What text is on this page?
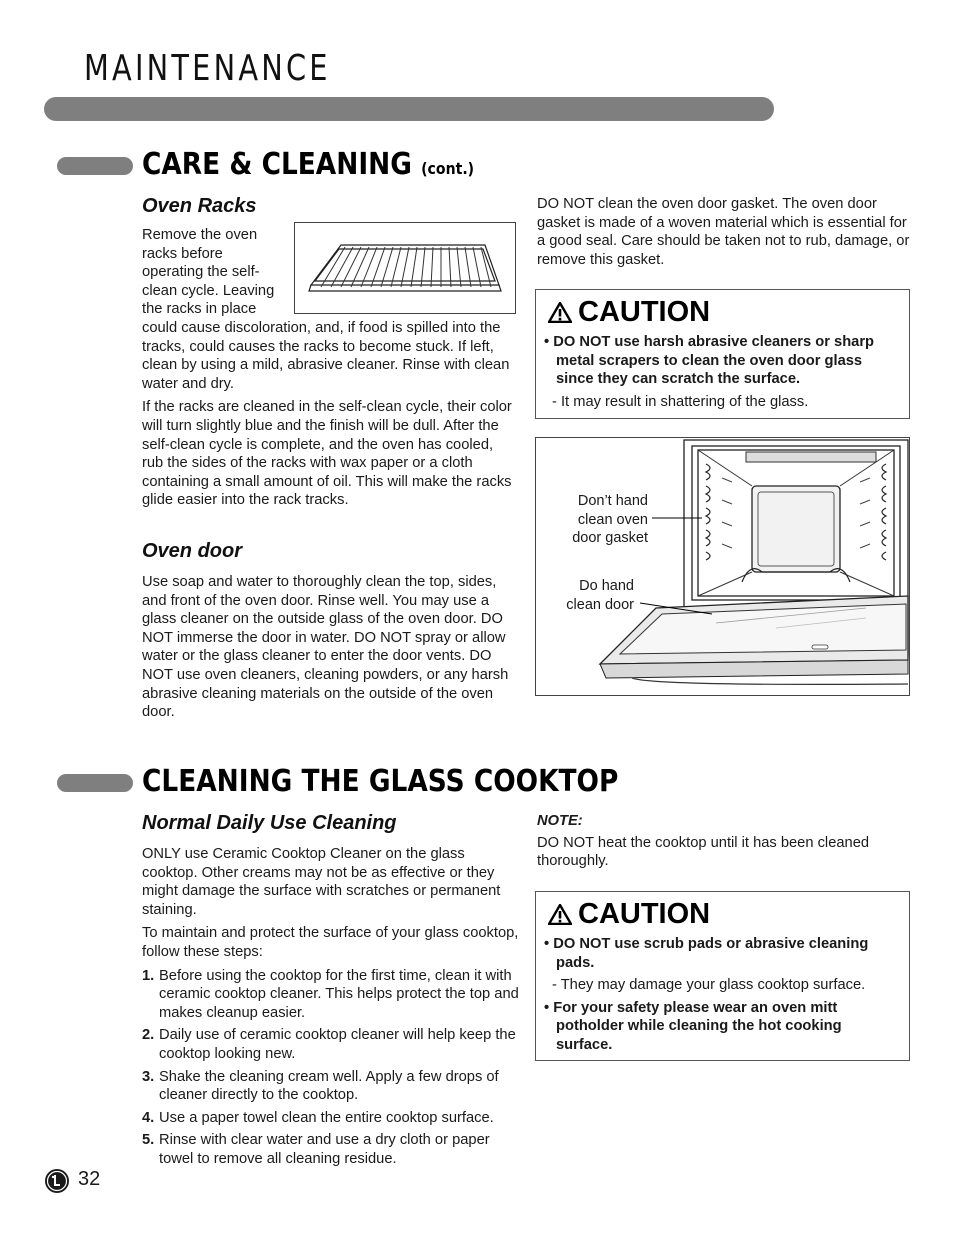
MAINTENANCE
CARE & CLEANING (cont.)
Oven Racks
Remove the oven
racks before
operating the self-
clean cycle. Leaving
the racks in place

could cause discoloration, and, if food is spilled into the tracks, could causes the racks to become stuck. If left, clean by using a mild, abrasive cleaner. Rinse with clean water and dry.

If the racks are cleaned in the self-clean cycle, their color will turn slightly blue and the finish will be dull. After the self-clean cycle is complete, and the oven has cooled, rub the sides of the racks with wax paper or a cloth containing a small amount of oil. This will make the racks glide easier into the rack tracks.

Oven door

Use soap and water to thoroughly clean the top, sides, and front of the oven door. Rinse well. You may use a glass cleaner on the outside glass of the oven door. DO NOT immerse the door in water. DO NOT spray or allow water or the glass cleaner to enter the door vents. DO NOT use oven cleaners, cleaning powders, or any harsh abrasive cleaning materials on the outside of the oven door.

DO NOT clean the oven door gasket. The oven door gasket is made of a woven material which is essential for a good seal. Care should be taken not to rub, damage, or remove this gasket.

CAUTION
• DO NOT use harsh abrasive cleaners or sharp metal scrapers to clean the oven door glass since they can scratch the surface.
- It may result in shattering of the glass.
Don’t hand
clean oven
door gasket
Do hand
clean door
CLEANING THE GLASS COOKTOP
Normal Daily Use Cleaning

ONLY use Ceramic Cooktop Cleaner on the glass cooktop. Other creams may not be as effective or they might damage the surface with scratches or permanent staining.

To maintain and protect the surface of your glass cooktop, follow these steps:

1. Before using the cooktop for the first time, clean it with ceramic cooktop cleaner. This helps protect the top and makes cleanup easier.
2. Daily use of ceramic cooktop cleaner will help keep the cooktop looking new.
3. Shake the cleaning cream well. Apply a few drops of cleaner directly to the cooktop.
4. Use a paper towel clean the entire cooktop surface.
5. Rinse with clear water and use a dry cloth or paper towel to remove all cleaning residue.
NOTE:

DO NOT heat the cooktop until it has been cleaned thoroughly.

CAUTION
• DO NOT use scrub pads or abrasive cleaning pads.
- They may damage your glass cooktop surface.
• For your safety please wear an oven mitt potholder while cleaning the hot cooking surface.
32
